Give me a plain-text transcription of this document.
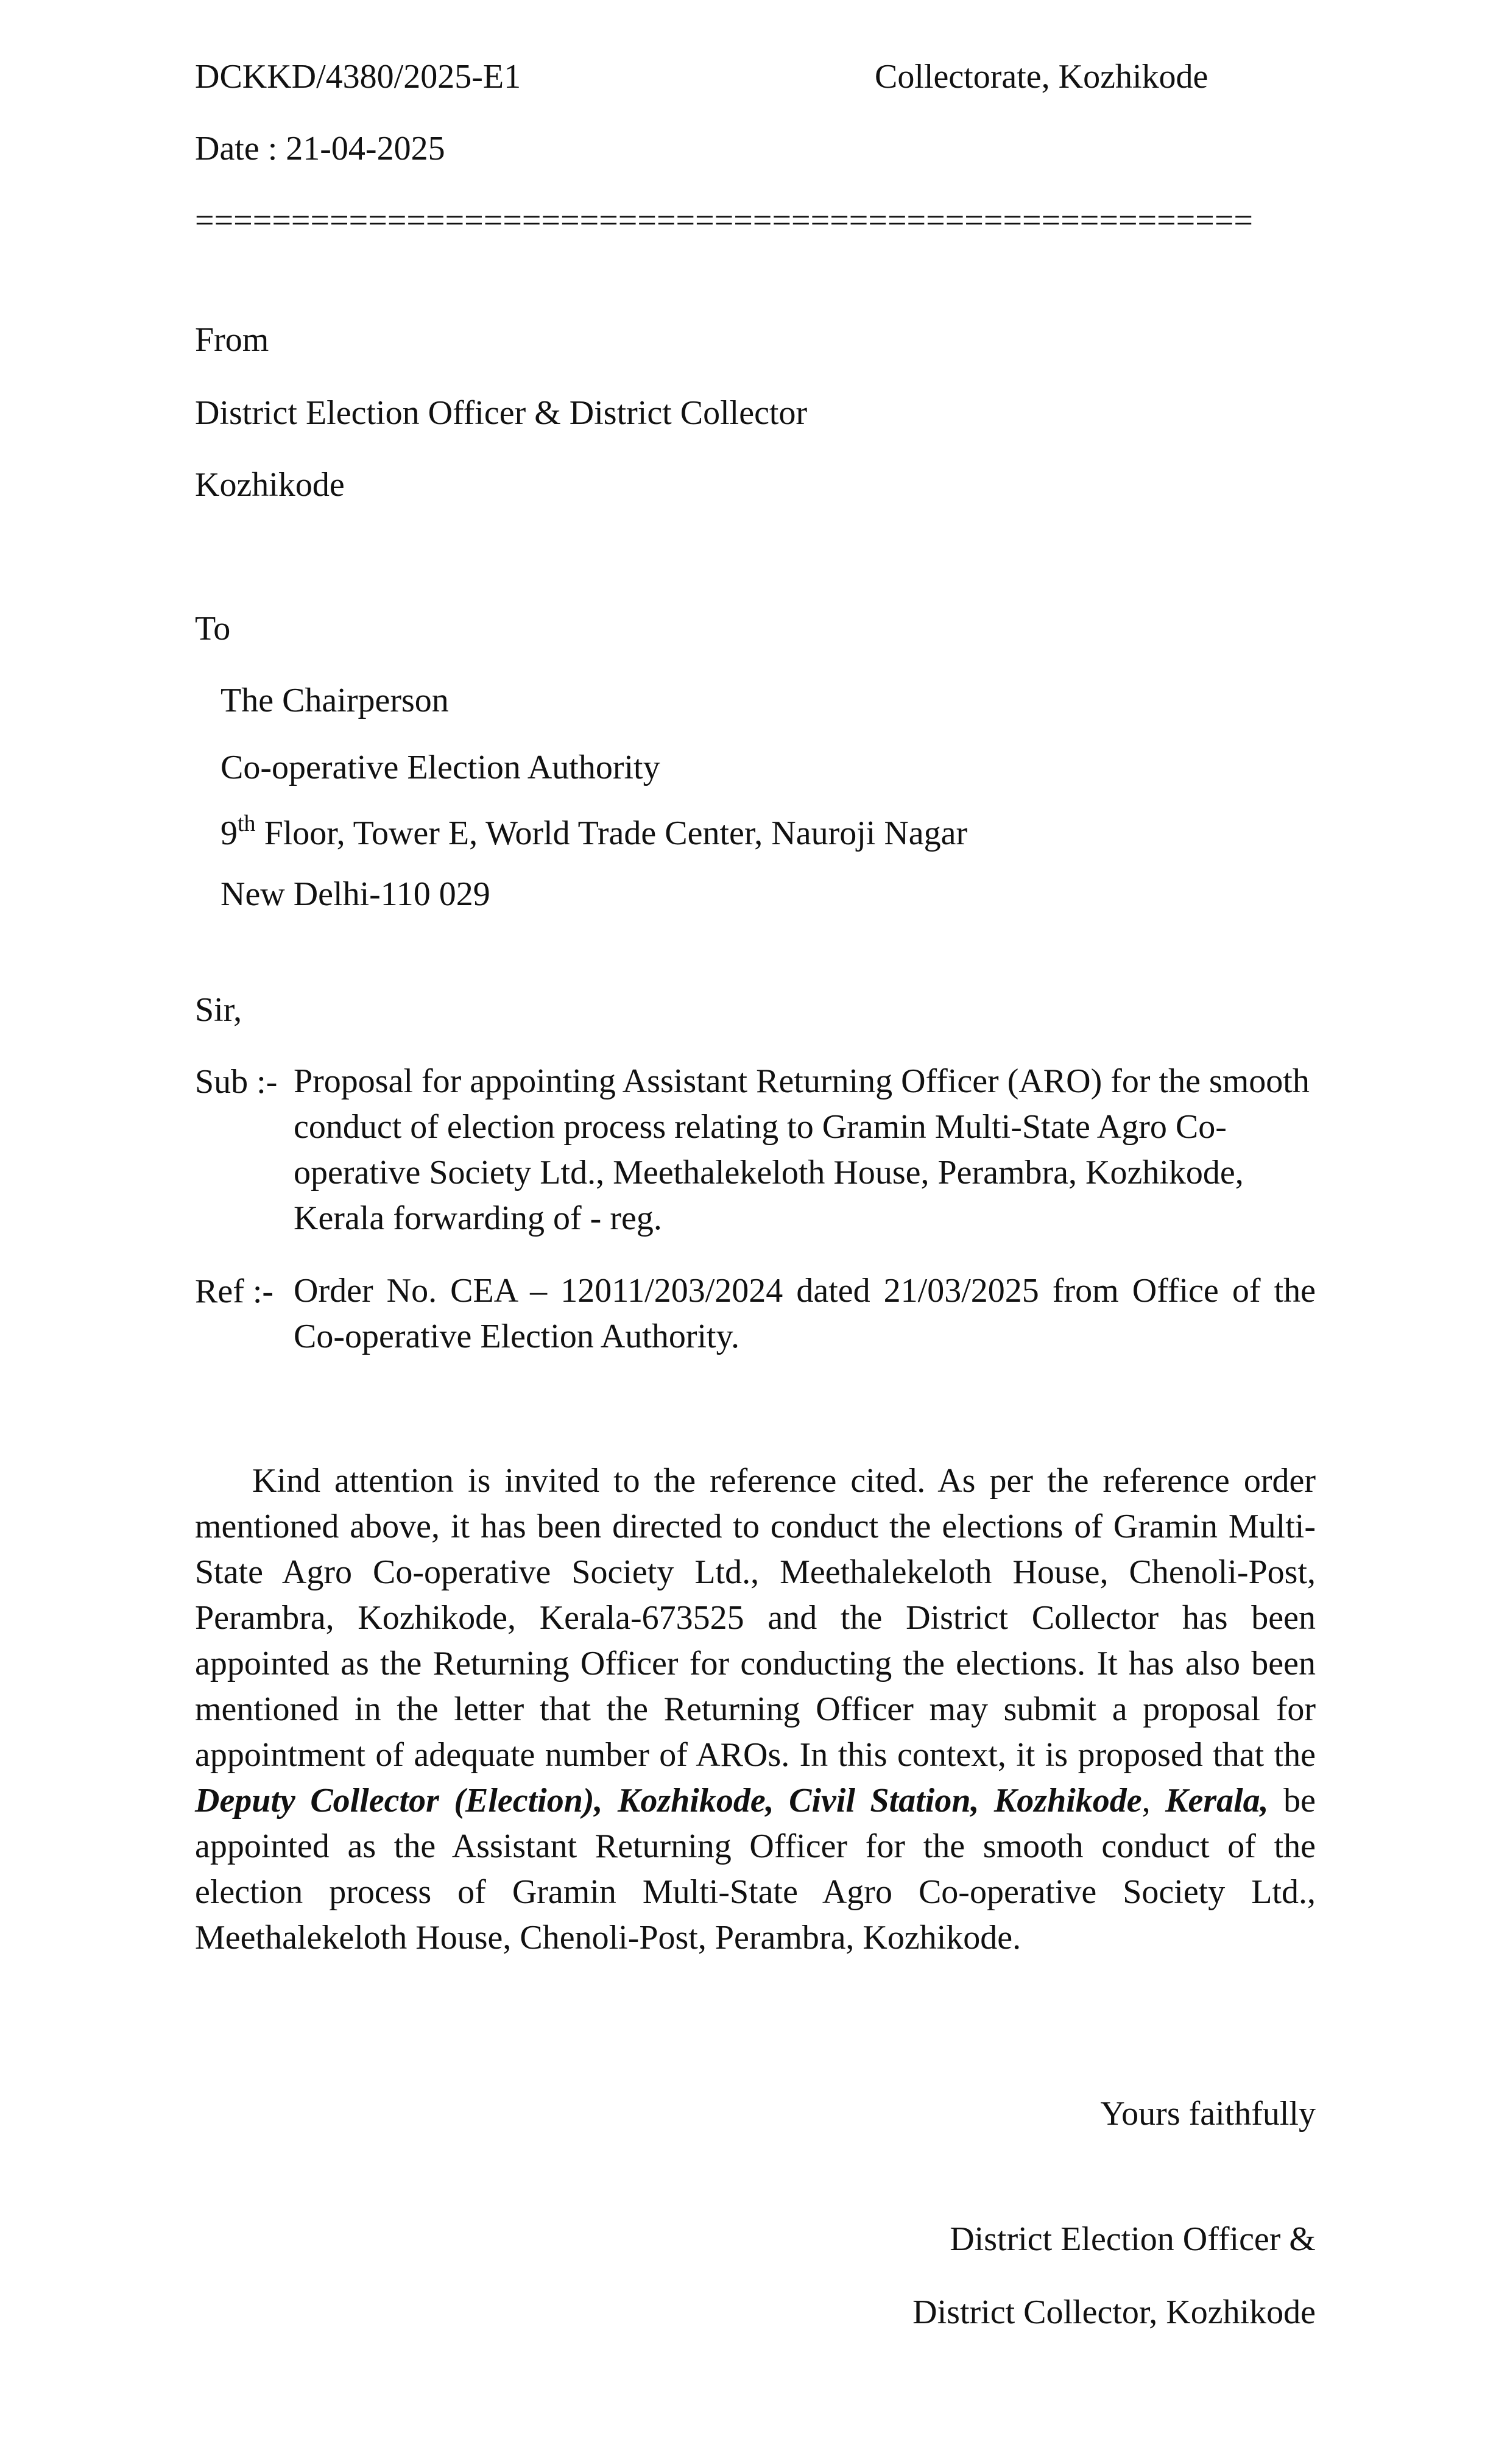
DCKKD/4380/2025-E1	Collectorate, Kozhikode
Date : 21-04-2025
=======================================================
From
District Election Officer & District Collector
Kozhikode
To
The Chairperson
Co-operative Election Authority
9th Floor, Tower E, World Trade Center, Nauroji Nagar
New Delhi-110 029
Sir,
Sub :- Proposal for appointing Assistant Returning Officer (ARO) for the smooth conduct of election process relating to Gramin Multi-State Agro Co-operative Society Ltd., Meethalekeloth House, Perambra, Kozhikode, Kerala forwarding of - reg.
Ref :- Order No. CEA – 12011/203/2024 dated 21/03/2025 from Office of the Co-operative Election Authority.
Kind attention is invited to the reference cited. As per the reference order mentioned above, it has been directed to conduct the elections of Gramin Multi-State Agro Co-operative Society Ltd., Meethalekeloth House, Chenoli-Post, Perambra, Kozhikode, Kerala-673525 and the District Collector has been appointed as the Returning Officer for conducting the elections. It has also been mentioned in the letter that the Returning Officer may submit a proposal for appointment of adequate number of AROs. In this context, it is proposed that the Deputy Collector (Election), Kozhikode, Civil Station, Kozhikode, Kerala, be appointed as the Assistant Returning Officer for the smooth conduct of the election process of Gramin Multi-State Agro Co-operative Society Ltd., Meethalekeloth House, Chenoli-Post, Perambra, Kozhikode.
Yours faithfully
District Election Officer &
District Collector, Kozhikode
